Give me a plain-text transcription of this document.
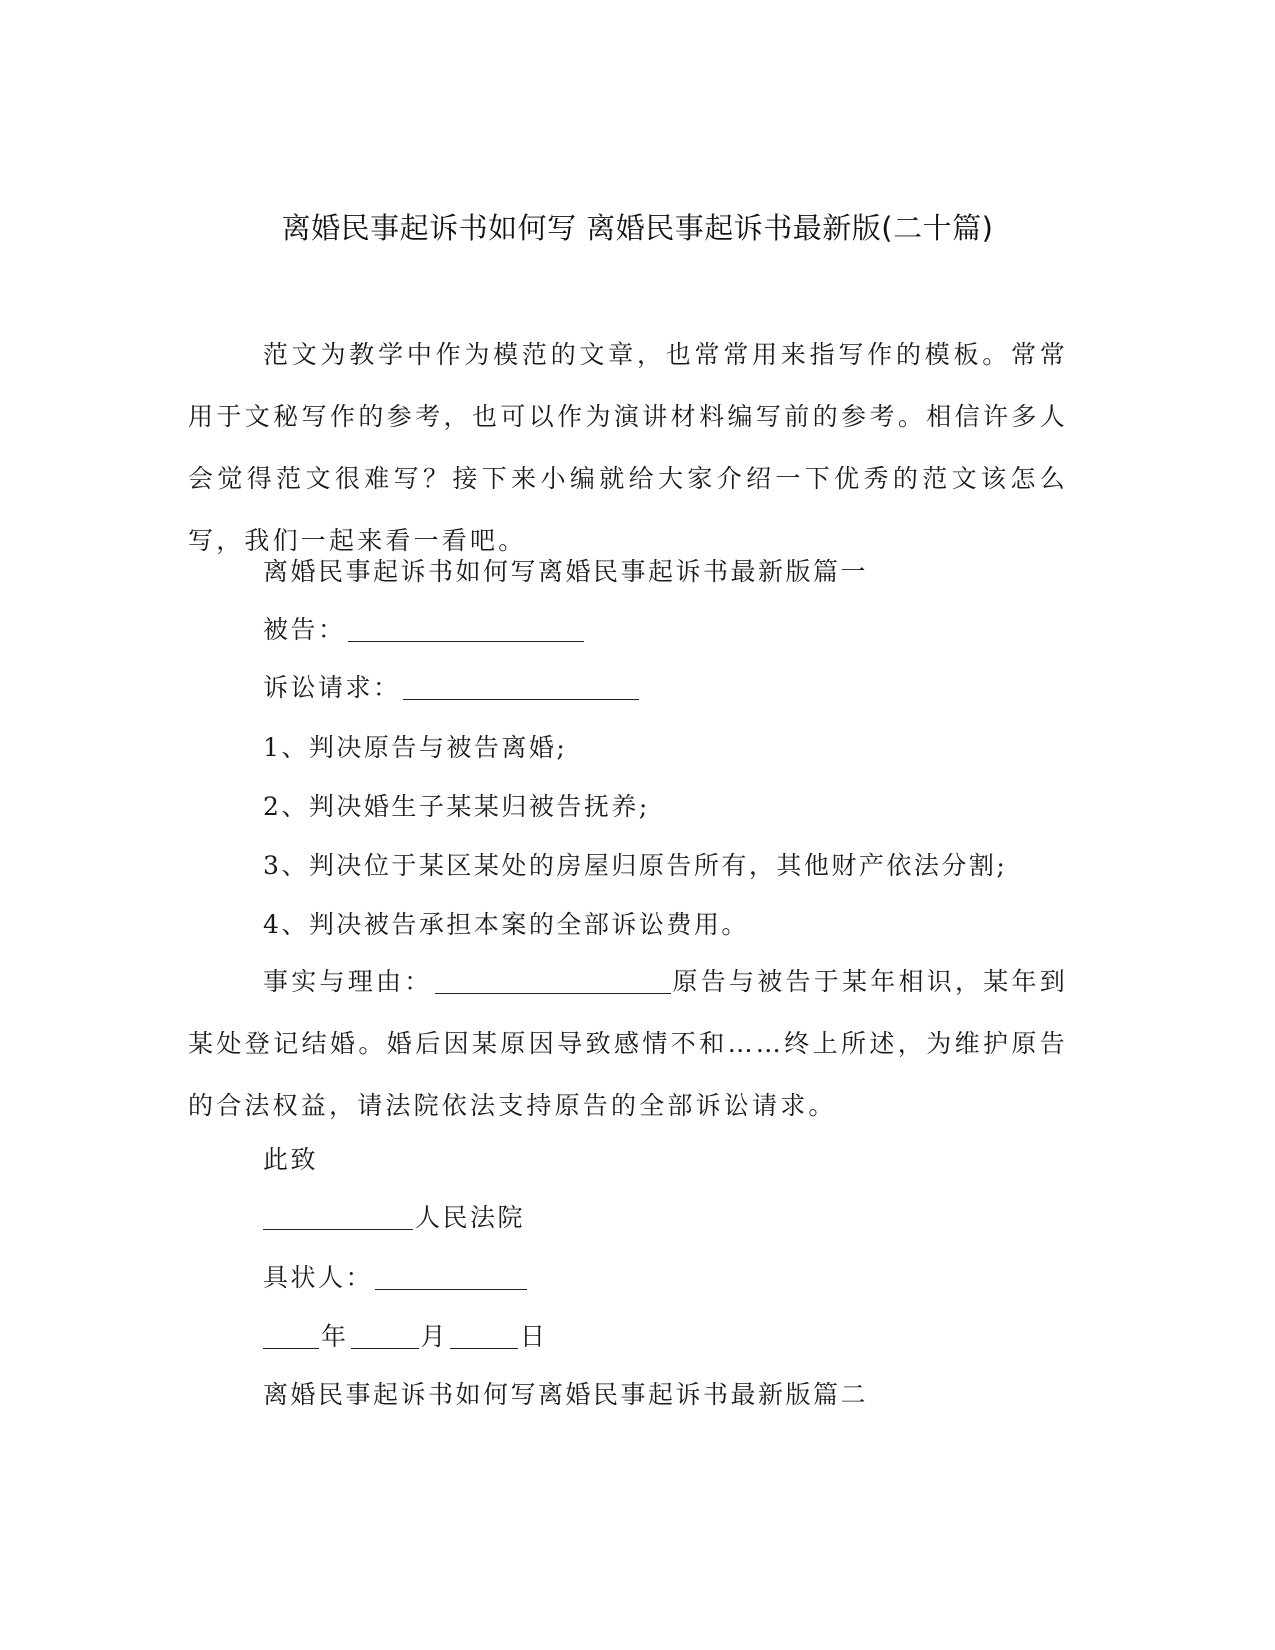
离婚民事起诉书如何写 离婚民事起诉书最新版(二十篇)

范文为教学中作为模范的文章，也常常用来指写作的模板。常常用于文秘写作的参考，也可以作为演讲材料编写前的参考。相信许多人会觉得范文很难写？接下来小编就给大家介绍一下优秀的范文该怎么写，我们一起来看一看吧。

离婚民事起诉书如何写离婚民事起诉书最新版篇一
被告：
诉讼请求：
1、判决原告与被告离婚;
2、判决婚生子某某归被告抚养;
3、判决位于某区某处的房屋归原告所有，其他财产依法分割;
4、判决被告承担本案的全部诉讼费用。

事实与理由：	原告与被告于某年相识，某年到某处登记结婚。婚后因某原因导致感情不和……终上所述，为维护原告的合法权益，请法院依法支持原告的全部诉讼请求。

此致
人民法院
具状人：
年	月	日
离婚民事起诉书如何写离婚民事起诉书最新版篇二
